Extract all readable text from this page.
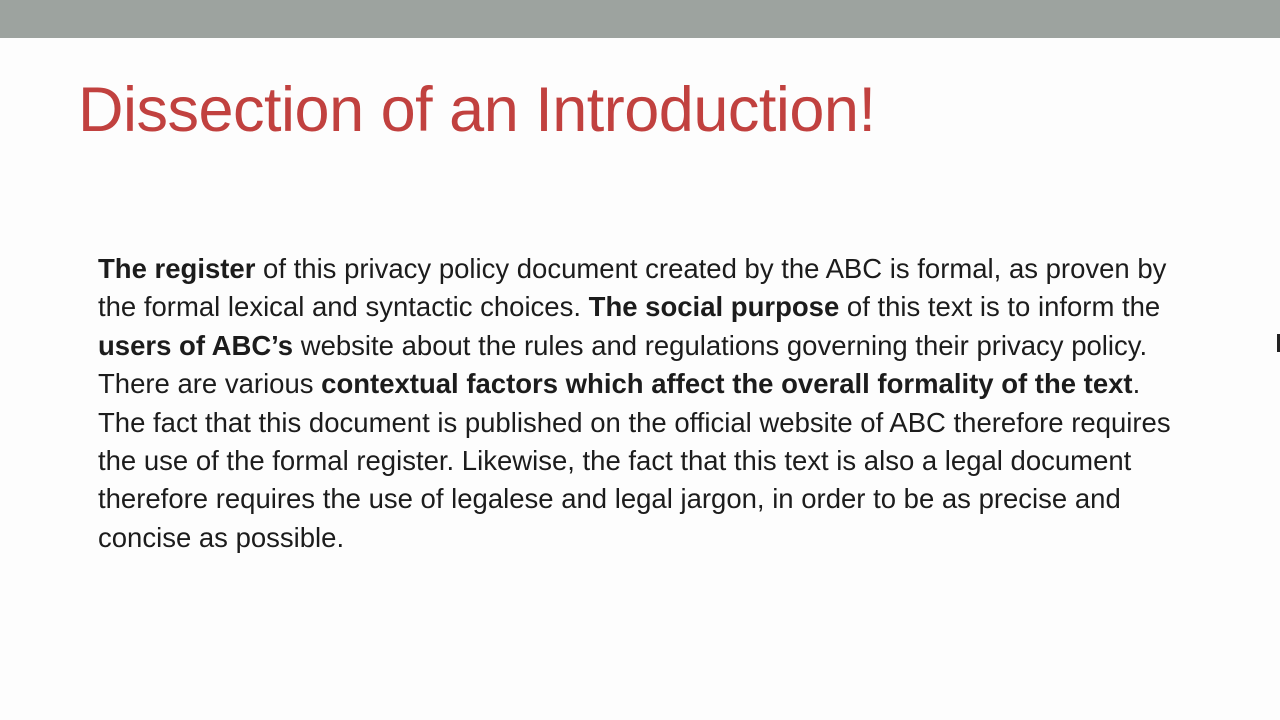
Dissection of an Introduction!

The register of this privacy policy document created by the ABC is formal, as proven by the formal lexical and syntactic choices. The social purpose of this text is to inform the users of ABC’s website about the rules and regulations governing their privacy policy. There are various contextual factors which affect the overall formality of the text. The fact that this document is published on the official website of ABC therefore requires the use of the formal register. Likewise, the fact that this text is also a legal document therefore requires the use of legalese and legal jargon, in order to be as precise and concise as possible.
